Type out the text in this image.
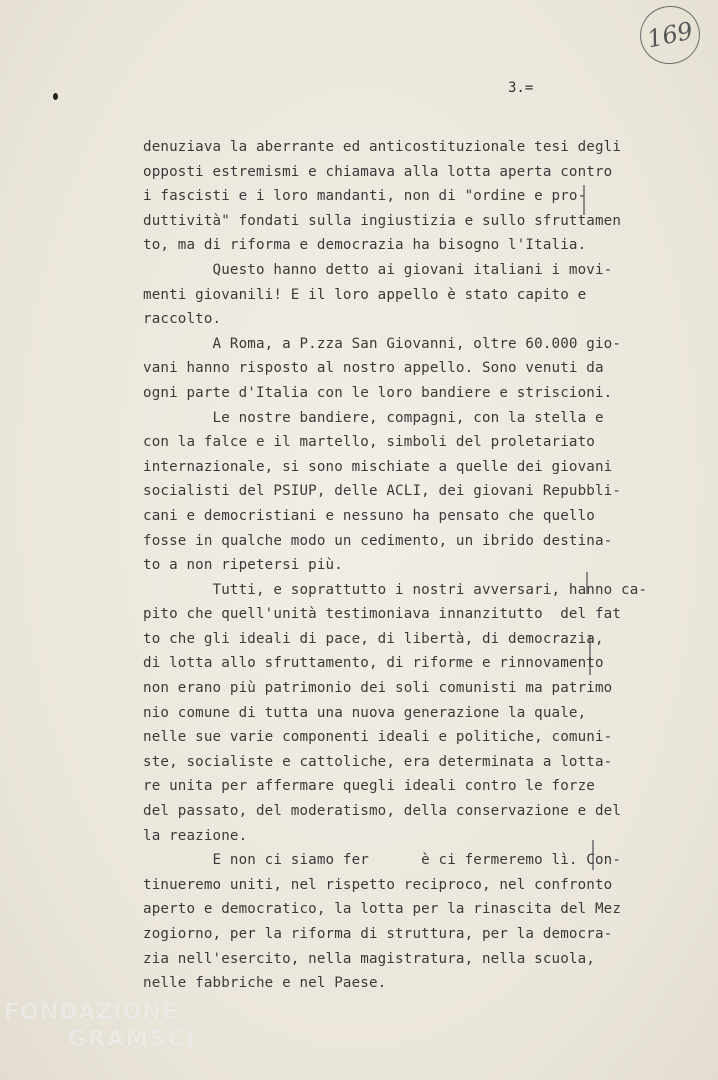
169
3.=
denuziava la aberrante ed anticostituzionale tesi degli
opposti estremismi e chiamava alla lotta aperta contro
i fascisti e i loro mandanti, non di "ordine e pro-
duttività" fondati sulla ingiustizia e sullo sfruttamen
to, ma di riforma e democrazia ha bisogno l'Italia.
Questo hanno detto ai giovani italiani i movi-
menti giovanili! E il loro appello è stato capito e
raccolto.
A Roma, a P.zza San Giovanni, oltre 60.000 gio-
vani hanno risposto al nostro appello. Sono venuti da
ogni parte d'Italia con le loro bandiere e striscioni.
Le nostre bandiere, compagni, con la stella e
con la falce e il martello, simboli del proletariato
internazionale, si sono mischiate a quelle dei giovani
socialisti del PSIUP, delle ACLI, dei giovani Repubbli-
cani e democristiani e nessuno ha pensato che quello
fosse in qualche modo un cedimento, un ibrido destina-
to a non ripetersi più.
Tutti, e soprattutto i nostri avversari, hanno ca-
pito che quell'unità testimoniava innanzitutto  del fat
to che gli ideali di pace, di libertà, di democrazia,
di lotta allo sfruttamento, di riforme e rinnovamento
non erano più patrimonio dei soli comunisti ma patrimo
nio comune di tutta una nuova generazione la quale,
nelle sue varie componenti ideali e politiche, comuni-
ste, socialiste e cattoliche, era determinata a lotta-
re unita per affermare quegli ideali contro le forze
del passato, del moderatismo, della conservazione e del
la reazione.
E non ci siamo fer      è ci fermeremo lì. Con-
tinueremo uniti, nel rispetto reciproco, nel confronto
aperto e democratico, la lotta per la rinascita del Mez
zogiorno, per la riforma di struttura, per la democra-
zia nell'esercito, nella magistratura, nella scuola,
nelle fabbriche e nel Paese.
FONDAZIONE
GRAMSCI
